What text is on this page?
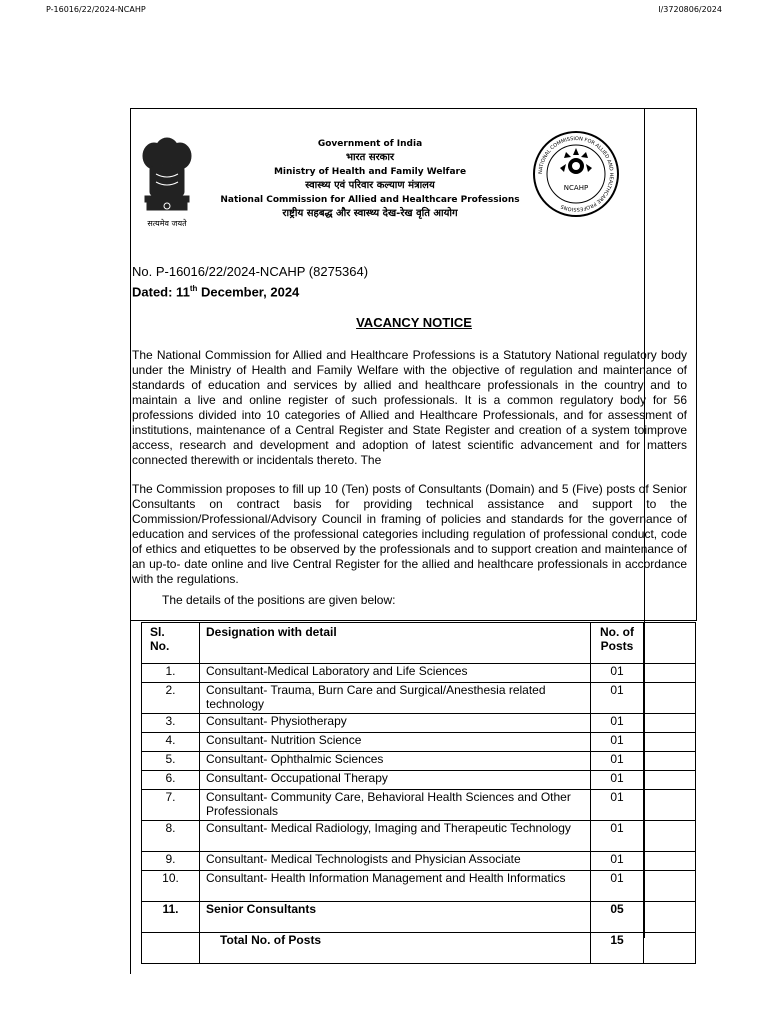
P-16016/22/2024-NCAHP	I/3720806/2024
सत्यमेव जयते
Government of India
भारत सरकार
Ministry of Health and Family Welfare
स्वास्थ्य एवं परिवार कल्याण मंत्रालय
National Commission for Allied and Healthcare Professions
राष्ट्रीय सहबद्ध और स्वास्थ्य देख-रेख वृति आयोग
NATIONAL COMMISSION FOR ALLIED AND HEALTHCARE PROFESSIONS
NCAHP
No. P-16016/22/2024-NCAHP (8275364)
Dated: 11th December, 2024
VACANCY NOTICE

The National Commission for Allied and Healthcare Professions is a Statutory National regulatory body under the Ministry of Health and Family Welfare with the objective of regulation and maintenance of standards of education and services by allied and healthcare professionals in the country and to maintain a live and online register of such professionals. It is a common regulatory body for 56 professions divided into 10 categories of Allied and Healthcare Professionals, and for assessment of institutions, maintenance of a Central Register and State Register and creation of a system toimprove access, research and development and adoption of latest scientific advancement and for matters connected therewith or incidentals thereto. The

The Commission proposes to fill up 10 (Ten) posts of Consultants (Domain) and 5 (Five) posts of Senior Consultants on contract basis for providing technical assistance and support to the Commission/Professional/Advisory Council in framing of policies and standards for the governance of education and services of the professional categories including regulation of professional conduct, code of ethics and etiquettes to be observed by the professionals and to support creation and maintenance of an up-to- date online and live Central Register for the allied and healthcare professionals in accordance with the regulations.

The details of the positions are given below:
Sl.
No.	Designation with detail	No. of
Posts	
1.	Consultant-Medical Laboratory and Life Sciences	01	
2.	Consultant- Trauma, Burn Care and Surgical/Anesthesia related technology	01	
3.	Consultant- Physiotherapy	01	
4.	Consultant- Nutrition Science	01	
5.	Consultant- Ophthalmic Sciences	01	
6.	Consultant- Occupational Therapy	01	
7.	Consultant- Community Care, Behavioral Health Sciences and Other Professionals	01	
8.	Consultant- Medical Radiology, Imaging and Therapeutic Technology	01	
9.	Consultant- Medical Technologists and Physician Associate	01	
10.	Consultant- Health Information Management and Health Informatics	01	
11.	Senior Consultants	05	
	Total No. of Posts	15	
